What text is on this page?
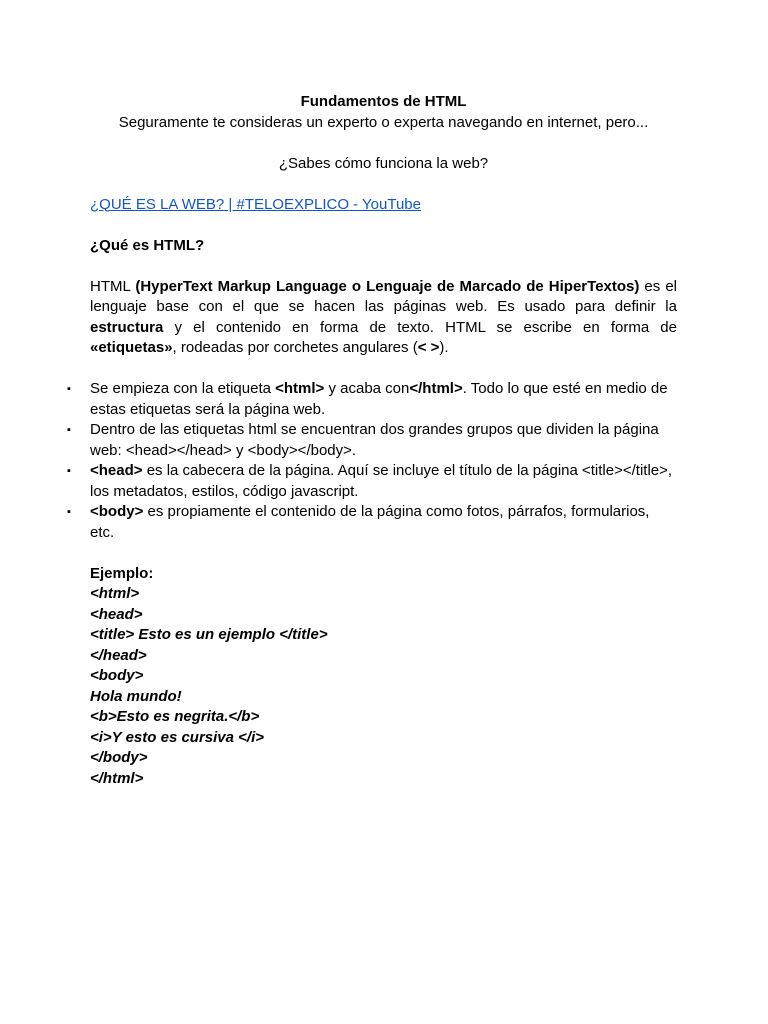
Fundamentos de HTML

Seguramente te consideras un experto o experta navegando en internet, pero...

¿Sabes cómo funciona la web?

¿QUÉ ES LA WEB? | #TELOEXPLICO - YouTube

¿Qué es HTML?

HTML (HyperText Markup Language o Lenguaje de Marcado de HiperTextos) es el lenguaje base con el que se hacen las páginas web. Es usado para definir la estructura y el contenido en forma de texto. HTML se escribe en forma de «etiquetas», rodeadas por corchetes angulares (< >).

▪ Se empieza con la etiqueta <html> y acaba con</html>. Todo lo que esté en medio de estas etiquetas será la página web.
▪ Dentro de las etiquetas html se encuentran dos grandes grupos que dividen la página web: <head></head> y <body></body>.
▪ <head> es la cabecera de la página. Aquí se incluye el título de la página <title></title>, los metadatos, estilos, código javascript.
▪ <body> es propiamente el contenido de la página como fotos, párrafos, formularios, etc.

Ejemplo:

<html>

<head>

<title> Esto es un ejemplo </title>

</head>

<body>

Hola mundo!

<b>Esto es negrita.</b>

<i>Y esto es cursiva </i>

</body>

</html>
